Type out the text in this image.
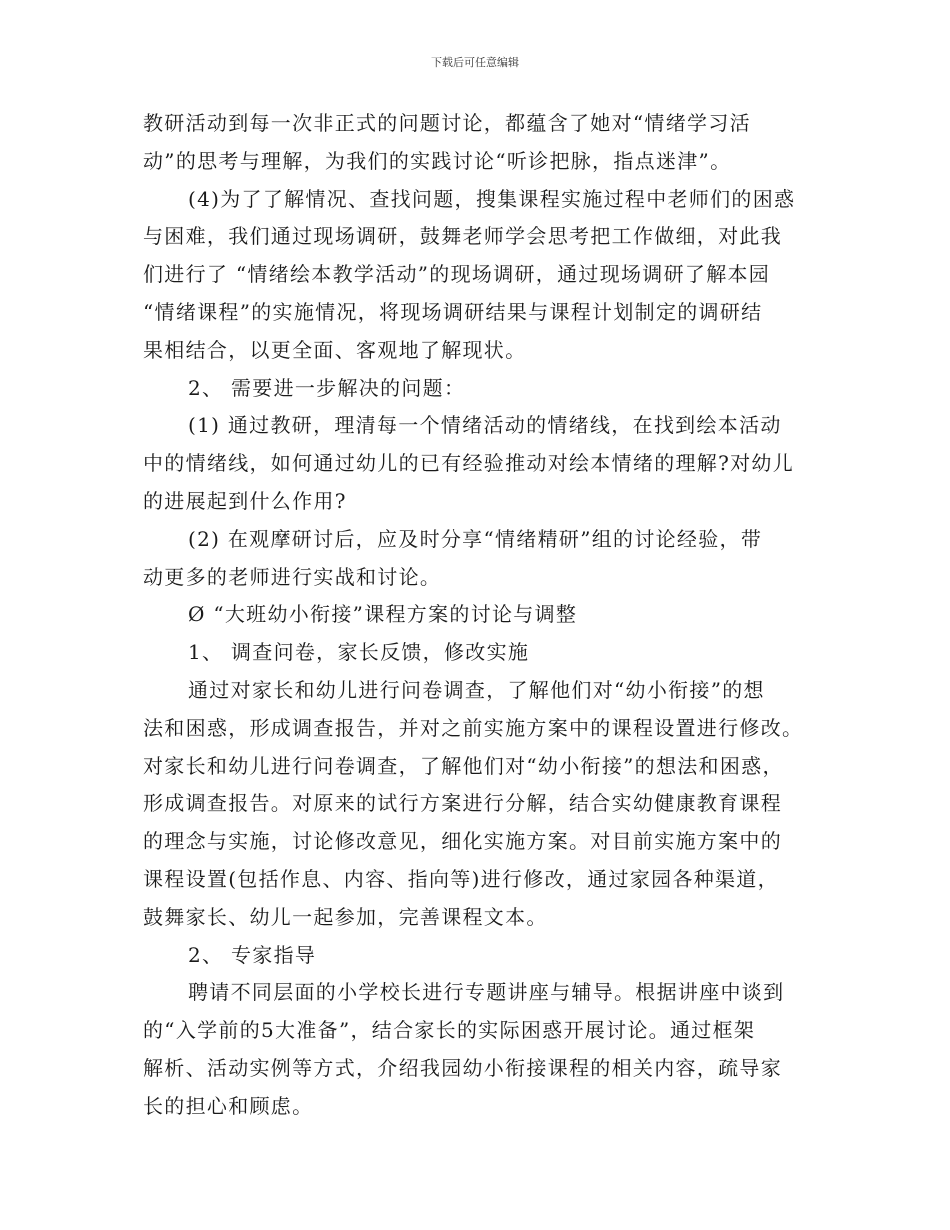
下载后可任意编辑
教研活动到每一次非正式的问题讨论，都蕴含了她对“情绪学习活
动”的思考与理解，为我们的实践讨论“听诊把脉，指点迷津”。
(4)为了了解情况、查找问题，搜集课程实施过程中老师们的困惑
与困难，我们通过现场调研，鼓舞老师学会思考把工作做细，对此我
们进行了 “情绪绘本教学活动”的现场调研，通过现场调研了解本园
“情绪课程”的实施情况，将现场调研结果与课程计划制定的调研结
果相结合，以更全面、客观地了解现状。
2、 需要进一步解决的问题：
(1) 通过教研，理清每一个情绪活动的情绪线，在找到绘本活动
中的情绪线，如何通过幼儿的已有经验推动对绘本情绪的理解?对幼儿
的进展起到什么作用?
(2) 在观摩研讨后，应及时分享“情绪精研”组的讨论经验，带
动更多的老师进行实战和讨论。
Ø “大班幼小衔接”课程方案的讨论与调整
1、 调查问卷，家长反馈，修改实施
通过对家长和幼儿进行问卷调查，了解他们对“幼小衔接”的想
法和困惑，形成调查报告，并对之前实施方案中的课程设置进行修改。
对家长和幼儿进行问卷调查，了解他们对“幼小衔接”的想法和困惑，
形成调查报告。对原来的试行方案进行分解，结合实幼健康教育课程
的理念与实施，讨论修改意见，细化实施方案。对目前实施方案中的
课程设置(包括作息、内容、指向等)进行修改，通过家园各种渠道，
鼓舞家长、幼儿一起参加，完善课程文本。
2、 专家指导
聘请不同层面的小学校长进行专题讲座与辅导。根据讲座中谈到
的“入学前的5大准备”，结合家长的实际困惑开展讨论。通过框架
解析、活动实例等方式，介绍我园幼小衔接课程的相关内容，疏导家
长的担心和顾虑。
